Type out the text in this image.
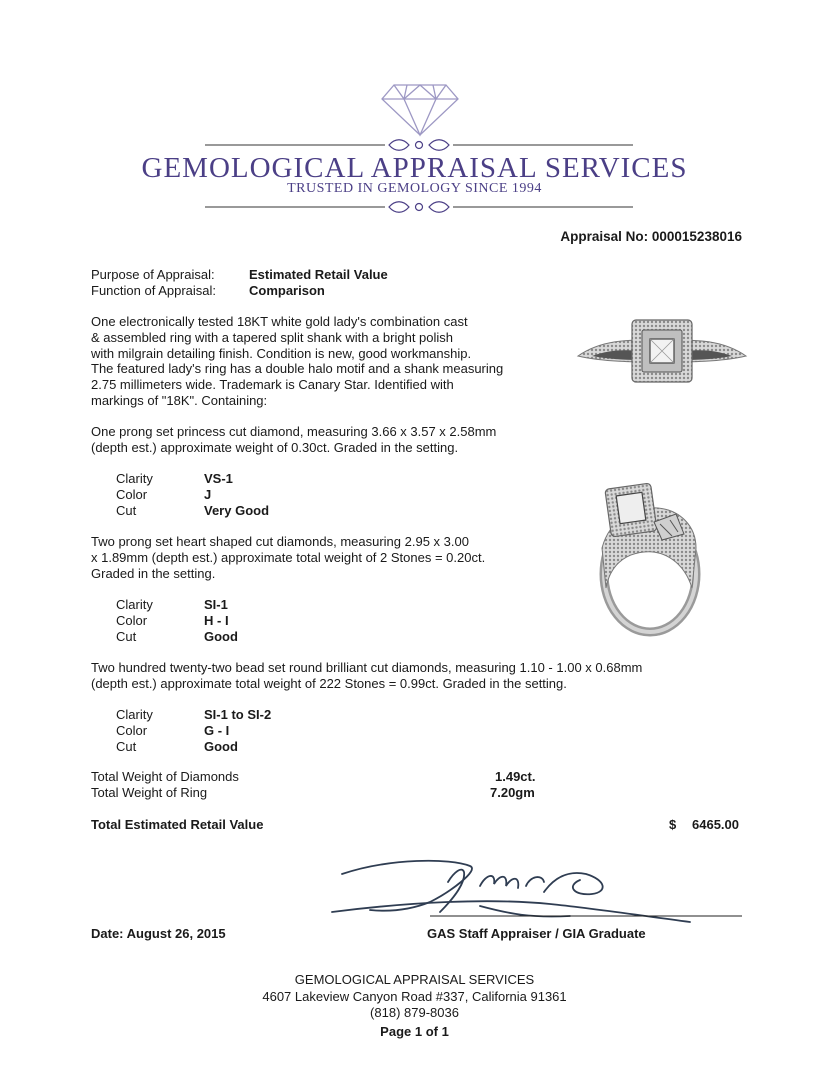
GEMOLOGICAL APPRAISAL SERVICES
TRUSTED IN GEMOLOGY SINCE 1994
Appraisal No: 000015238016
Purpose of Appraisal:	Estimated Retail Value
Function of Appraisal:	Comparison
One electronically tested 18KT white gold lady's combination cast
& assembled ring with a tapered split shank with a bright polish
with milgrain detailing finish. Condition is new, good workmanship.
The featured lady's ring has a double halo motif and a shank measuring
2.75 millimeters wide. Trademark is Canary Star. Identified with
markings of "18K". Containing:
One prong set princess cut diamond, measuring 3.66 x 3.57 x 2.58mm
(depth est.) approximate weight of 0.30ct. Graded in the setting.
Clarity	VS-1
Color	J
Cut	Very Good
Two prong set heart shaped cut diamonds, measuring 2.95 x 3.00
x 1.89mm (depth est.) approximate total weight of 2 Stones = 0.20ct.
Graded in the setting.
Clarity	SI-1
Color	H - I
Cut	Good
Two hundred twenty-two bead set round brilliant cut diamonds, measuring 1.10 - 1.00 x 0.68mm
(depth est.) approximate total weight of 222 Stones = 0.99ct. Graded in the setting.
Clarity	SI-1 to SI-2
Color	G - I
Cut	Good
Total Weight of Diamonds	1.49ct.
Total Weight of Ring	7.20gm
Total Estimated Retail Value	$ 6465.00
Date: August 26, 2015	GAS Staff Appraiser / GIA Graduate
GEMOLOGICAL APPRAISAL SERVICES
4607 Lakeview Canyon Road #337, California 91361
(818) 879-8036
Page 1 of 1
